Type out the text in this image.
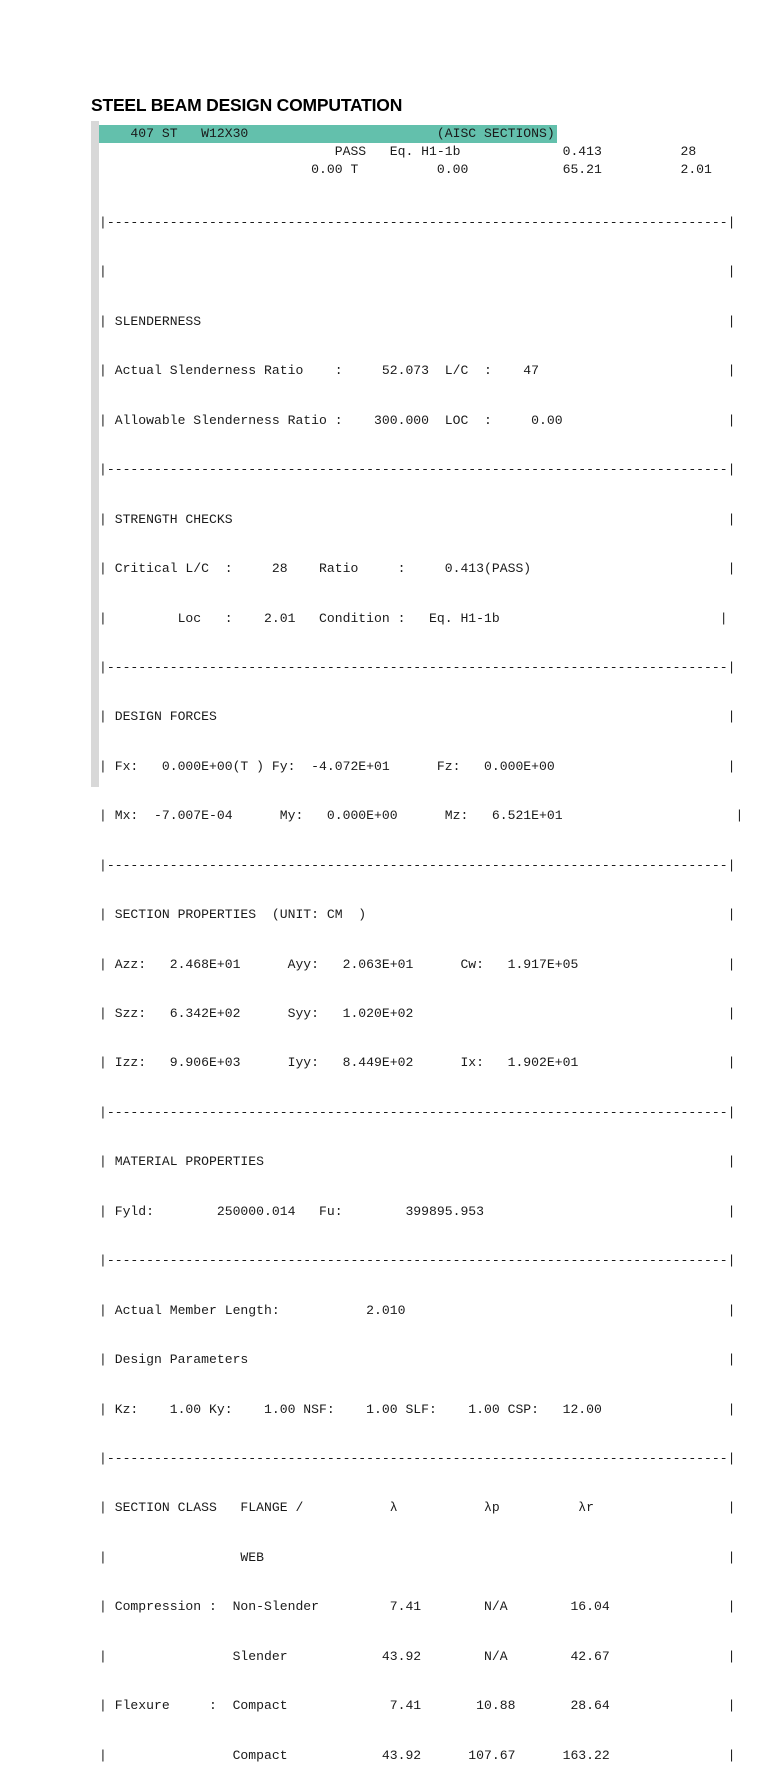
STEEL BEAM DESIGN COMPUTATION
407 ST   W12X30                        (AISC SECTIONS)
PASS   Eq. H1-1b             0.413          28
0.00 T          0.00            65.21          2.01

|-------------------------------------------------------------------------------|

|                                                                               |

| SLENDERNESS                                                                   |

| Actual Slenderness Ratio    :     52.073  L/C  :    47                        |

| Allowable Slenderness Ratio :    300.000  LOC  :     0.00                     |

|-------------------------------------------------------------------------------|

| STRENGTH CHECKS                                                               |

| Critical L/C  :     28    Ratio     :     0.413(PASS)                         |

|         Loc   :    2.01   Condition :   Eq. H1-1b                            |

|-------------------------------------------------------------------------------|

| DESIGN FORCES                                                                 |

| Fx:   0.000E+00(T ) Fy:  -4.072E+01      Fz:   0.000E+00                      |

| Mx:  -7.007E-04      My:   0.000E+00      Mz:   6.521E+01                      |

|-------------------------------------------------------------------------------|

| SECTION PROPERTIES  (UNIT: CM  )                                              |

| Azz:   2.468E+01      Ayy:   2.063E+01      Cw:   1.917E+05                   |

| Szz:   6.342E+02      Syy:   1.020E+02                                        |

| Izz:   9.906E+03      Iyy:   8.449E+02      Ix:   1.902E+01                   |

|-------------------------------------------------------------------------------|

| MATERIAL PROPERTIES                                                           |

| Fyld:        250000.014   Fu:        399895.953                               |

|-------------------------------------------------------------------------------|

| Actual Member Length:           2.010                                         |

| Design Parameters                                                             |

| Kz:    1.00 Ky:    1.00 NSF:    1.00 SLF:    1.00 CSP:   12.00                |

|-------------------------------------------------------------------------------|

| SECTION CLASS   FLANGE /           λ           λp          λr                 |

|                 WEB                                                           |

| Compression :  Non-Slender         7.41        N/A        16.04               |

|                Slender            43.92        N/A        42.67               |

| Flexure     :  Compact             7.41       10.88       28.64               |

|                Compact            43.92      107.67      163.22               |
